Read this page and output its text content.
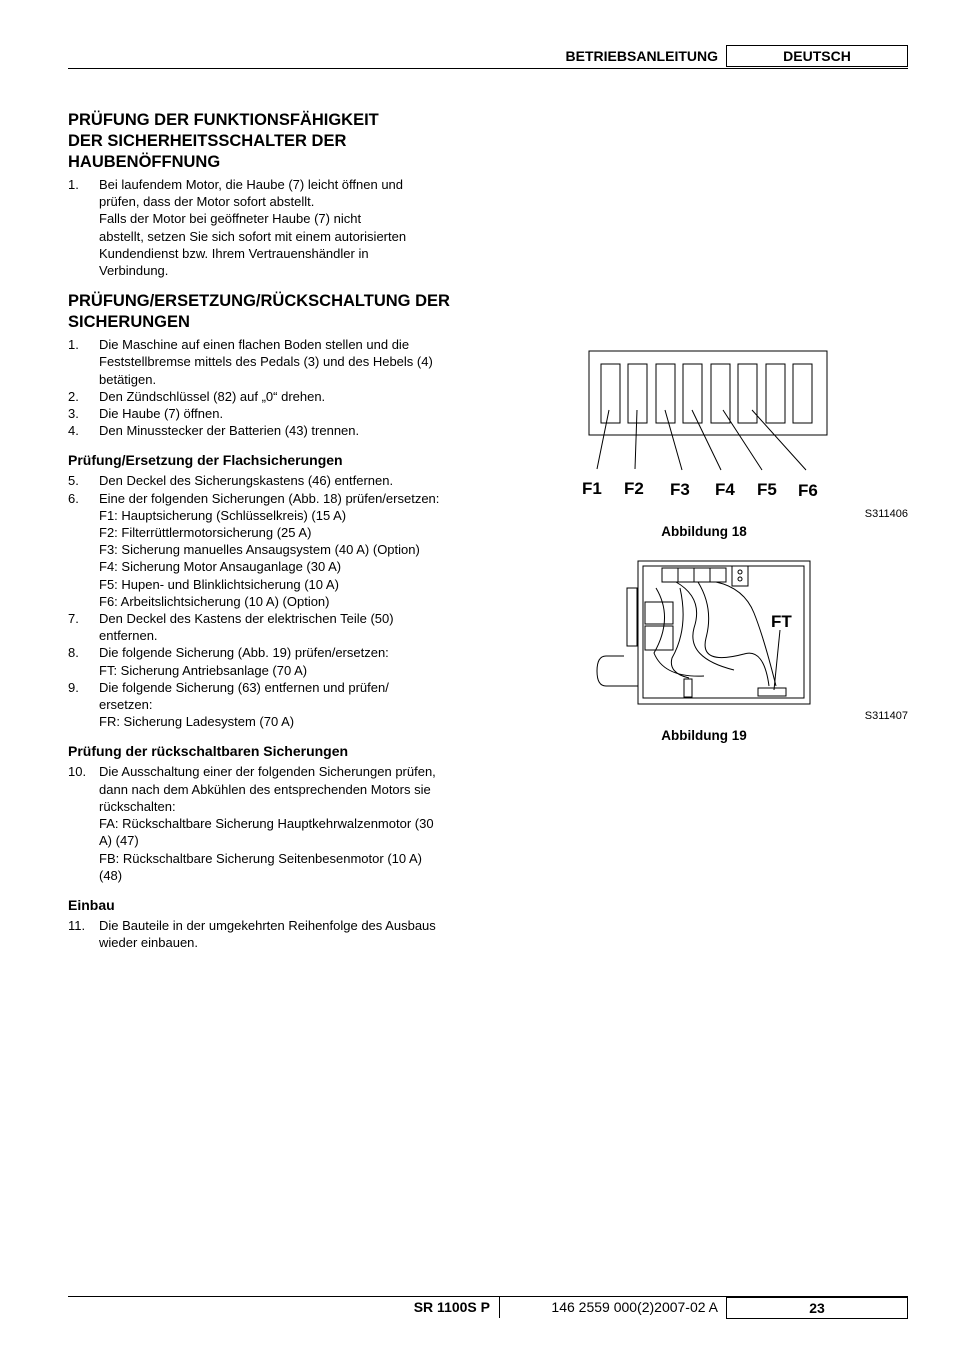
BETRIEBSANLEITUNG	DEUTSCH
PRÜFUNG DER FUNKTIONSFÄHIGKEIT
DER SICHERHEITSSCHALTER DER
HAUBENÖFFNUNG
1.	Bei laufendem Motor, die Haube (7) leicht öffnen und
prüfen, dass der Motor sofort abstellt.
Falls der Motor bei geöffneter Haube (7) nicht
abstellt, setzen Sie sich sofort mit einem autorisierten
Kundendienst bzw. Ihrem Vertrauenshändler in
Verbindung.
PRÜFUNG/ERSETZUNG/RÜCKSCHALTUNG DER
SICHERUNGEN
1.	Die Maschine auf einen flachen Boden stellen und die
Feststellbremse mittels des Pedals (3) und des Hebels (4)
betätigen.
2.	Den Zündschlüssel (82) auf „0“ drehen.
3.	Die Haube (7) öffnen.
4.	Den Minusstecker der Batterien (43) trennen.
Prüfung/Ersetzung der Flachsicherungen
5.	Den Deckel des Sicherungskastens (46) entfernen.
6.	Eine der folgenden Sicherungen (Abb. 18) prüfen/ersetzen:
F1: Hauptsicherung (Schlüsselkreis) (15 A)
F2: Filterrüttlermotorsicherung (25 A)
F3: Sicherung manuelles Ansaugsystem (40 A) (Option)
F4: Sicherung Motor Ansauganlage (30 A)
F5: Hupen- und Blinklichtsicherung (10 A)
F6: Arbeitslichtsicherung (10 A) (Option)
7.	Den Deckel des Kastens der elektrischen Teile (50)
entfernen.
8.	Die folgende Sicherung (Abb. 19) prüfen/ersetzen:
FT: Sicherung Antriebsanlage (70 A)
9.	Die folgende Sicherung (63) entfernen und prüfen/
ersetzen:
FR: Sicherung Ladesystem (70 A)
Prüfung der rückschaltbaren Sicherungen
10. Die Ausschaltung einer der folgenden Sicherungen prüfen,
dann nach dem Abkühlen des entsprechenden Motors sie
rückschalten:
FA: Rückschaltbare Sicherung Hauptkehrwalzenmotor (30
A) (47)
FB: Rückschaltbare Sicherung Seitenbesenmotor (10 A)
(48)
Einbau
11.	Die Bauteile in der umgekehrten Reihenfolge des Ausbaus
wieder einbauen.
F1 F2 F3 F4 F5 F6
S311406
Abbildung 18
FT
S311407
Abbildung 19
SR 1100S P	146 2559 000(2)2007-02 A	23
